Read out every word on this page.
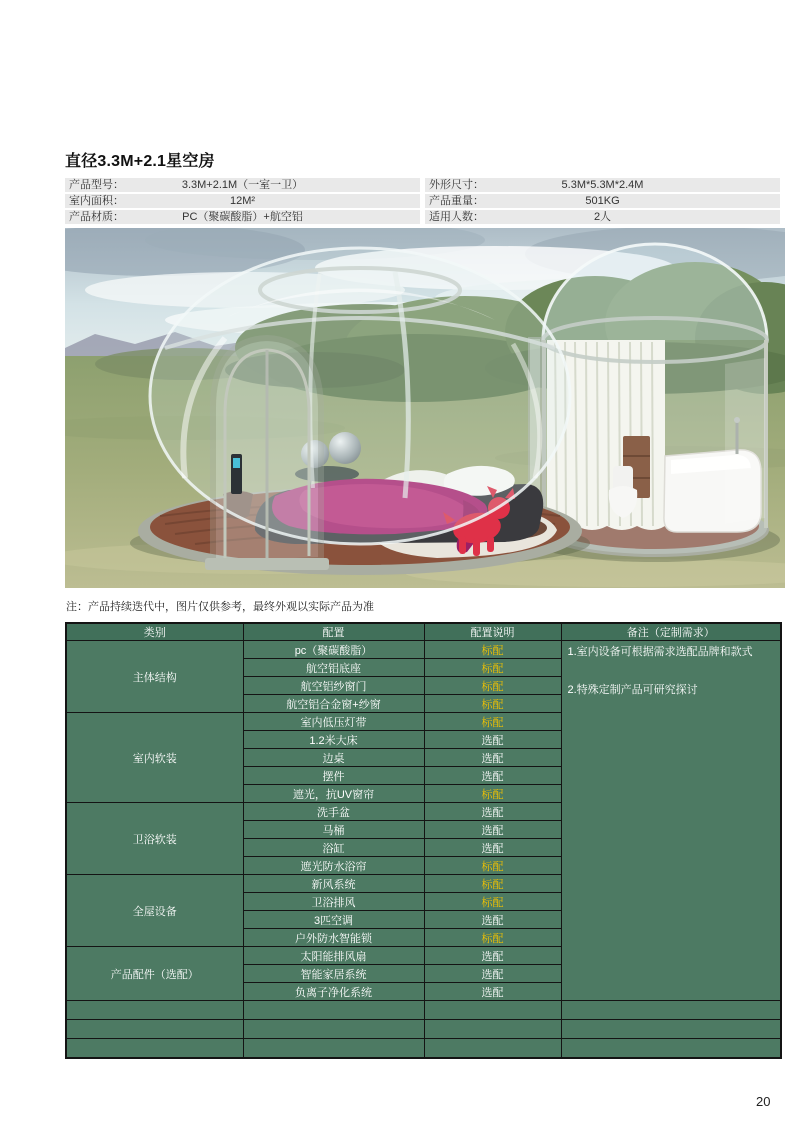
直径3.3M+2.1星空房
产品型号：	3.3M+2.1M（一室一卫）
室内面积：	12M²
产品材质：	PC（聚碳酸脂）+航空铝
外形尺寸：	5.3M*5.3M*2.4M
产品重量：	501KG
适用人数：	2人
注：产品持续迭代中，图片仅供参考，最终外观以实际产品为准
类别	配置	配置说明	备注（定制需求）
主体结构	pc（聚碳酸脂）	标配	1.室内设备可根据需求选配品牌和款式

2.特殊定制产品可研究探讨

	航空铝底座	标配	
	航空铝纱窗门	标配	
	航空铝合金窗+纱窗	标配	
室内软装	室内低压灯带	标配	
	1.2米大床	选配	
	边桌	选配	
	摆件	选配	
	遮光，抗UV窗帘	标配	
卫浴软装	洗手盆	选配	
	马桶	选配	
	浴缸	选配	
	遮光防水浴帘	标配	
全屋设备	新风系统	标配	
	卫浴排风	标配	
	3匹空调	选配	
	户外防水智能锁	标配	
产品配件（选配）	太阳能排风扇	选配	
	智能家居系统	选配	
	负离子净化系统	选配	

20
